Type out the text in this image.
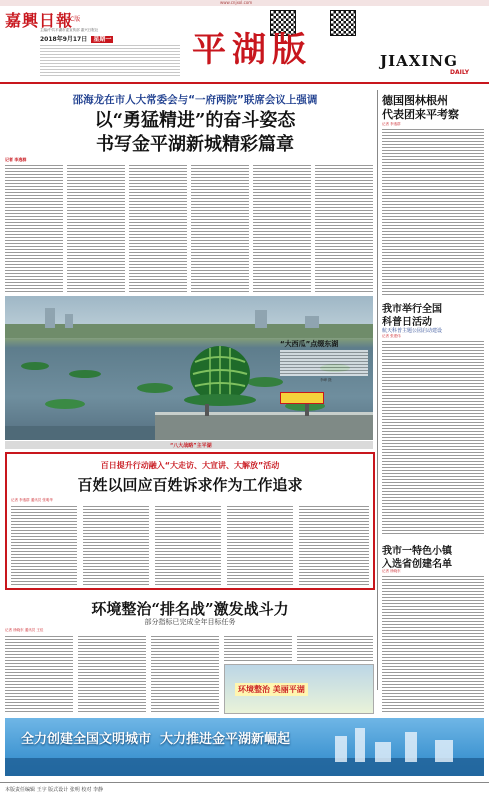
www.cnjxol.com
嘉興日報
C版
主编/中共平湖市委宣传部 嘉兴日报社
2018年9月17日 星期一 平湖版	JIAXING
DAILY
邵海龙在市人大常委会与“一府两院”联席会议上强调
以“勇猛精进”的奋斗姿态
书写金平湖新城精彩篇章
记者 李逸群
“大西瓜”点缀东湖
李峰 摄
“八大战略”主平湖
德国图林根州
代表团来平考察
记者 李逸群
我市举行全国
科普日活动
航天科普主题公园启动建设
记者 张建伟
我市一特色小镇
入选省创建名单
记者 徐晓东
百日提升行动融入“大走访、大宣讲、大解放”活动
百姓以回应百姓诉求作为工作追求
记者 李逸群 通讯员 张明华
环境整治“排名战”激发战斗力
部分指标已完成全年目标任务
记者 徐晓东 通讯员 王佳
环境整治 美丽平湖
全力创建全国文明城市  大力推进金平湖新崛起
本版责任编辑 王宇 版式设计 张明 校对 李静
